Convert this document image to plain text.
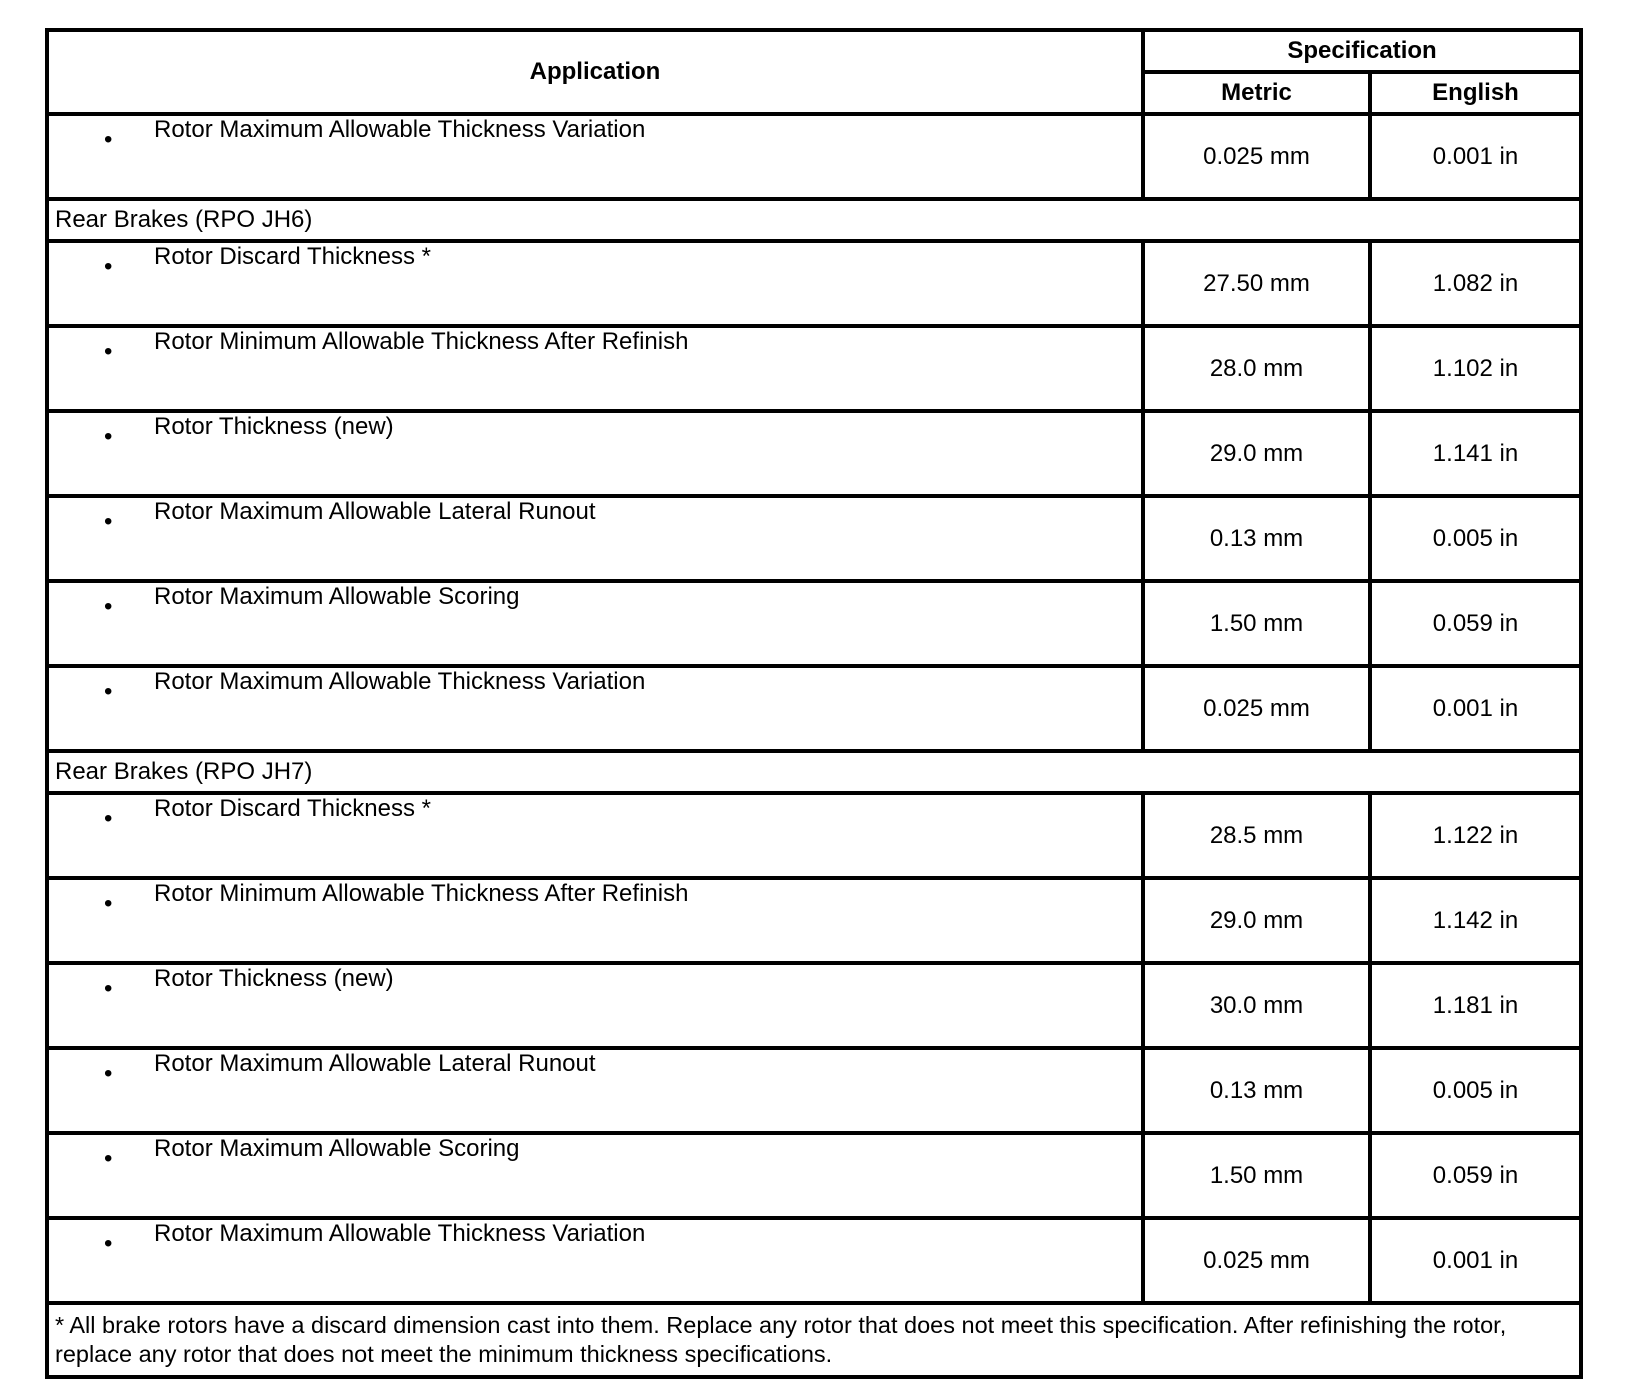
Application	Specification	
	Metric	English

• Rotor Maximum Allowable Thickness Variation	0.025 mm	0.001 in
Rear Brakes (RPO JH6)		

• Rotor Discard Thickness *	27.50 mm	1.082 in

• Rotor Minimum Allowable Thickness After Refinish	28.0 mm	1.102 in

• Rotor Thickness (new)	29.0 mm	1.141 in

• Rotor Maximum Allowable Lateral Runout	0.13 mm	0.005 in

• Rotor Maximum Allowable Scoring	1.50 mm	0.059 in

• Rotor Maximum Allowable Thickness Variation	0.025 mm	0.001 in
Rear Brakes (RPO JH7)		

• Rotor Discard Thickness *	28.5 mm	1.122 in

• Rotor Minimum Allowable Thickness After Refinish	29.0 mm	1.142 in

• Rotor Thickness (new)	30.0 mm	1.181 in

• Rotor Maximum Allowable Lateral Runout	0.13 mm	0.005 in

• Rotor Maximum Allowable Scoring	1.50 mm	0.059 in

• Rotor Maximum Allowable Thickness Variation	0.025 mm	0.001 in
* All brake rotors have a discard dimension cast into them. Replace any rotor that does not meet this specification. After refinishing the rotor, replace any rotor that does not meet the minimum thickness specifications.		
